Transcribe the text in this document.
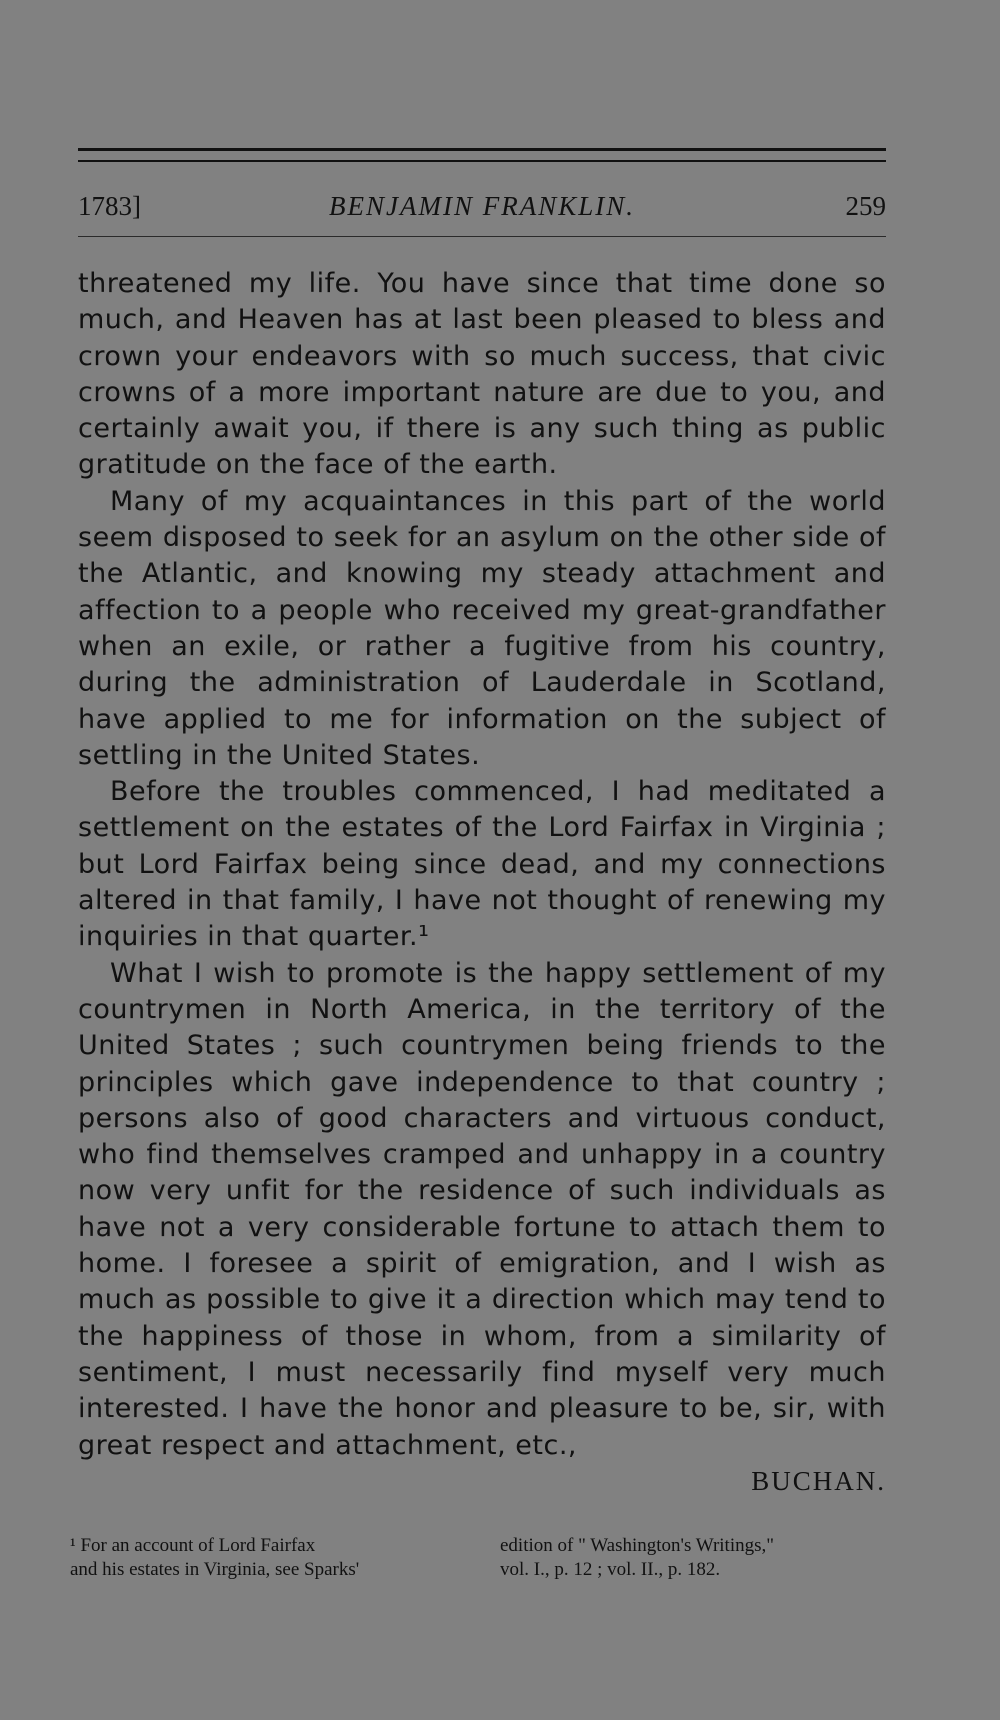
1783]	BENJAMIN FRANKLIN.	259

threatened my life. You have since that time done so much, and Heaven has at last been pleased to bless and crown your endeavors with so much success, that civic crowns of a more important nature are due to you, and certainly await you, if there is any such thing as public gratitude on the face of the earth.

Many of my acquaintances in this part of the world seem disposed to seek for an asylum on the other side of the Atlantic, and knowing my steady attachment and affection to a people who received my great-grandfather when an exile, or rather a fugitive from his country, during the administration of Lauderdale in Scotland, have applied to me for information on the subject of settling in the United States.

Before the troubles commenced, I had meditated a settlement on the estates of the Lord Fairfax in Virginia ; but Lord Fairfax being since dead, and my connections altered in that family, I have not thought of renewing my inquiries in that quarter.¹

What I wish to promote is the happy settlement of my countrymen in North America, in the territory of the United States ; such countrymen being friends to the principles which gave independence to that country ; persons also of good characters and virtuous conduct, who find themselves cramped and unhappy in a country now very unfit for the residence of such individuals as have not a very considerable fortune to attach them to home. I foresee a spirit of emigration, and I wish as much as possible to give it a direction which may tend to the happiness of those in whom, from a similarity of sentiment, I must necessarily find myself very much interested. I have the honor and pleasure to be, sir, with great respect and attachment, etc.,

BUCHAN.
¹ For an account of Lord Fairfax
and his estates in Virginia, see Sparks'
edition of " Washington's Writings,"
vol. I., p. 12 ; vol. II., p. 182.
